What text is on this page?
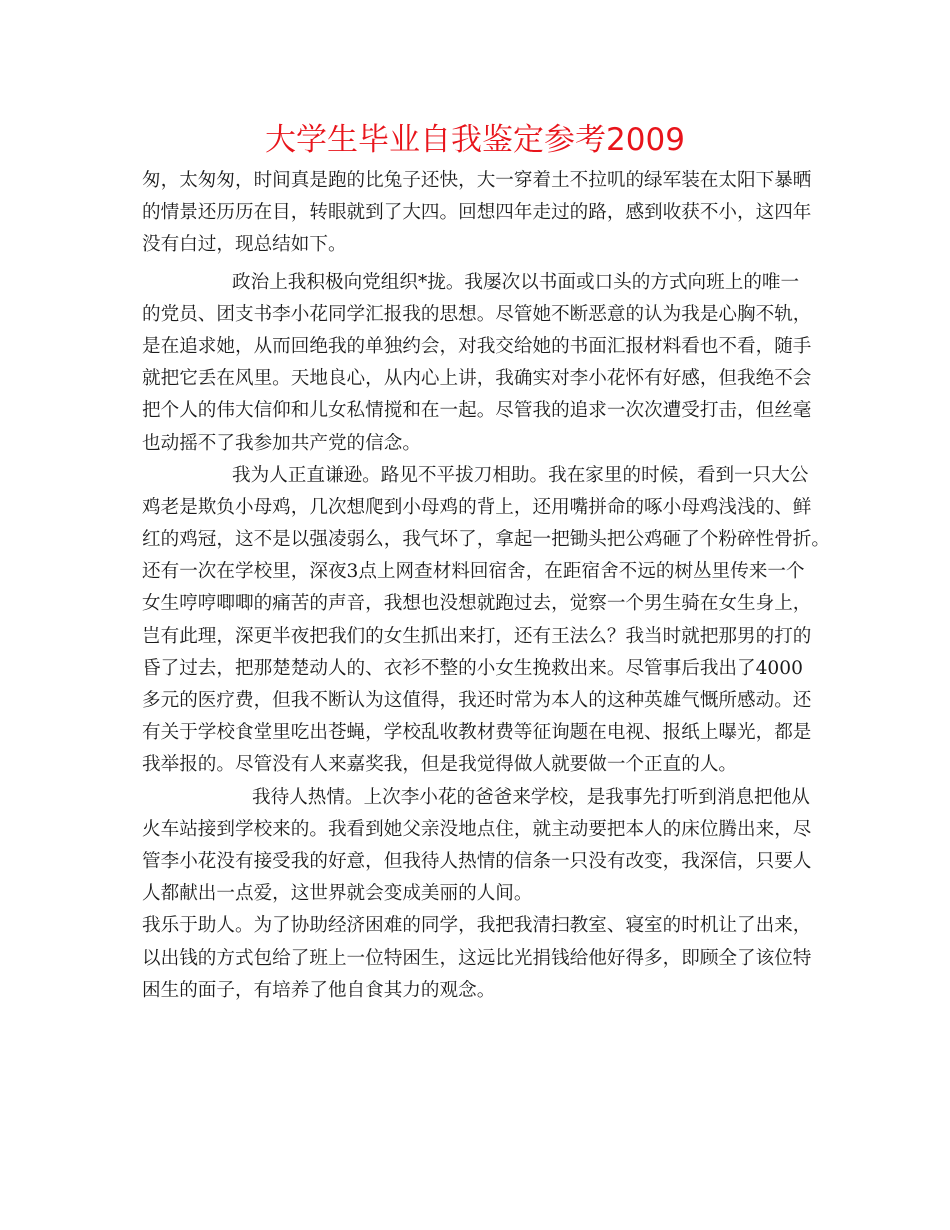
大学生毕业自我鉴定参考2009
匆，太匆匆，时间真是跑的比兔子还快，大一穿着土不拉叽的绿军装在太阳下暴晒
的情景还历历在目，转眼就到了大四。回想四年走过的路，感到收获不小，这四年
没有白过，现总结如下。
政治上我积极向党组织*拢。我屡次以书面或口头的方式向班上的唯一
的党员、团支书李小花同学汇报我的思想。尽管她不断恶意的认为我是心胸不轨，
是在追求她，从而回绝我的单独约会，对我交给她的书面汇报材料看也不看，随手
就把它丢在风里。天地良心，从内心上讲，我确实对李小花怀有好感，但我绝不会
把个人的伟大信仰和儿女私情搅和在一起。尽管我的追求一次次遭受打击，但丝毫
也动摇不了我参加共产党的信念。
我为人正直谦逊。路见不平拔刀相助。我在家里的时候，看到一只大公
鸡老是欺负小母鸡，几次想爬到小母鸡的背上，还用嘴拼命的啄小母鸡浅浅的、鲜
红的鸡冠，这不是以强凌弱么，我气坏了，拿起一把锄头把公鸡砸了个粉碎性骨折。
还有一次在学校里，深夜3点上网查材料回宿舍，在距宿舍不远的树丛里传来一个
女生哼哼唧唧的痛苦的声音，我想也没想就跑过去，觉察一个男生骑在女生身上，
岂有此理，深更半夜把我们的女生抓出来打，还有王法么？我当时就把那男的打的
昏了过去，把那楚楚动人的、衣衫不整的小女生挽救出来。尽管事后我出了4000
多元的医疗费，但我不断认为这值得，我还时常为本人的这种英雄气慨所感动。还
有关于学校食堂里吃出苍蝇，学校乱收教材费等征询题在电视、报纸上曝光，都是
我举报的。尽管没有人来嘉奖我，但是我觉得做人就要做一个正直的人。
我待人热情。上次李小花的爸爸来学校，是我事先打听到消息把他从
火车站接到学校来的。我看到她父亲没地点住，就主动要把本人的床位腾出来，尽
管李小花没有接受我的好意，但我待人热情的信条一只没有改变，我深信，只要人
人都献出一点爱，这世界就会变成美丽的人间。
我乐于助人。为了协助经济困难的同学，我把我清扫教室、寝室的时机让了出来，
以出钱的方式包给了班上一位特困生，这远比光捐钱给他好得多，即顾全了该位特
困生的面子，有培养了他自食其力的观念。
